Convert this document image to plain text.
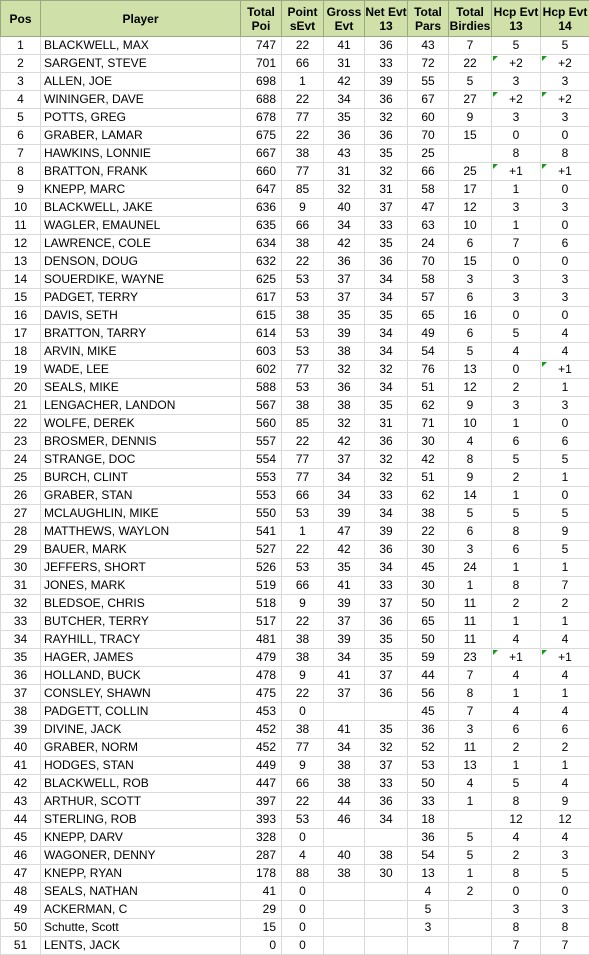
Pos	Player	Total Poi	Point sEvt	Gross Evt	Net Evt 13	Total Pars	Total Birdies	Hcp Evt 13	Hcp Evt 14
1	BLACKWELL, MAX	747	22	41	36	43	7	5	5
2	SARGENT, STEVE	701	66	31	33	72	22	+2	+2
3	ALLEN, JOE	698	1	42	39	55	5	3	3
4	WININGER, DAVE	688	22	34	36	67	27	+2	+2
5	POTTS, GREG	678	77	35	32	60	9	3	3
6	GRABER, LAMAR	675	22	36	36	70	15	0	0
7	HAWKINS, LONNIE	667	38	43	35	25		8	8
8	BRATTON, FRANK	660	77	31	32	66	25	+1	+1
9	KNEPP, MARC	647	85	32	31	58	17	1	0
10	BLACKWELL, JAKE	636	9	40	37	47	12	3	3
11	WAGLER, EMAUNEL	635	66	34	33	63	10	1	0
12	LAWRENCE, COLE	634	38	42	35	24	6	7	6
13	DENSON, DOUG	632	22	36	36	70	15	0	0
14	SOUERDIKE, WAYNE	625	53	37	34	58	3	3	3
15	PADGET, TERRY	617	53	37	34	57	6	3	3
16	DAVIS, SETH	615	38	35	35	65	16	0	0
17	BRATTON, TARRY	614	53	39	34	49	6	5	4
18	ARVIN, MIKE	603	53	38	34	54	5	4	4
19	WADE, LEE	602	77	32	32	76	13	0	+1
20	SEALS, MIKE	588	53	36	34	51	12	2	1
21	LENGACHER, LANDON	567	38	38	35	62	9	3	3
22	WOLFE, DEREK	560	85	32	31	71	10	1	0
23	BROSMER, DENNIS	557	22	42	36	30	4	6	6
24	STRANGE, DOC	554	77	37	32	42	8	5	5
25	BURCH, CLINT	553	77	34	32	51	9	2	1
26	GRABER, STAN	553	66	34	33	62	14	1	0
27	MCLAUGHLIN, MIKE	550	53	39	34	38	5	5	5
28	MATTHEWS, WAYLON	541	1	47	39	22	6	8	9
29	BAUER, MARK	527	22	42	36	30	3	6	5
30	JEFFERS, SHORT	526	53	35	34	45	24	1	1
31	JONES, MARK	519	66	41	33	30	1	8	7
32	BLEDSOE, CHRIS	518	9	39	37	50	11	2	2
33	BUTCHER, TERRY	517	22	37	36	65	11	1	1
34	RAYHILL, TRACY	481	38	39	35	50	11	4	4
35	HAGER, JAMES	479	38	34	35	59	23	+1	+1
36	HOLLAND, BUCK	478	9	41	37	44	7	4	4
37	CONSLEY, SHAWN	475	22	37	36	56	8	1	1
38	PADGETT, COLLIN	453	0			45	7	4	4
39	DIVINE, JACK	452	38	41	35	36	3	6	6
40	GRABER, NORM	452	77	34	32	52	11	2	2
41	HODGES, STAN	449	9	38	37	53	13	1	1
42	BLACKWELL, ROB	447	66	38	33	50	4	5	4
43	ARTHUR, SCOTT	397	22	44	36	33	1	8	9
44	STERLING, ROB	393	53	46	34	18		12	12
45	KNEPP, DARV	328	0			36	5	4	4
46	WAGONER, DENNY	287	4	40	38	54	5	2	3
47	KNEPP, RYAN	178	88	38	30	13	1	8	5
48	SEALS, NATHAN	41	0			4	2	0	0
49	ACKERMAN, C	29	0			5		3	3
50	Schutte, Scott	15	0			3		8	8
51	LENTS, JACK	0	0					7	7
